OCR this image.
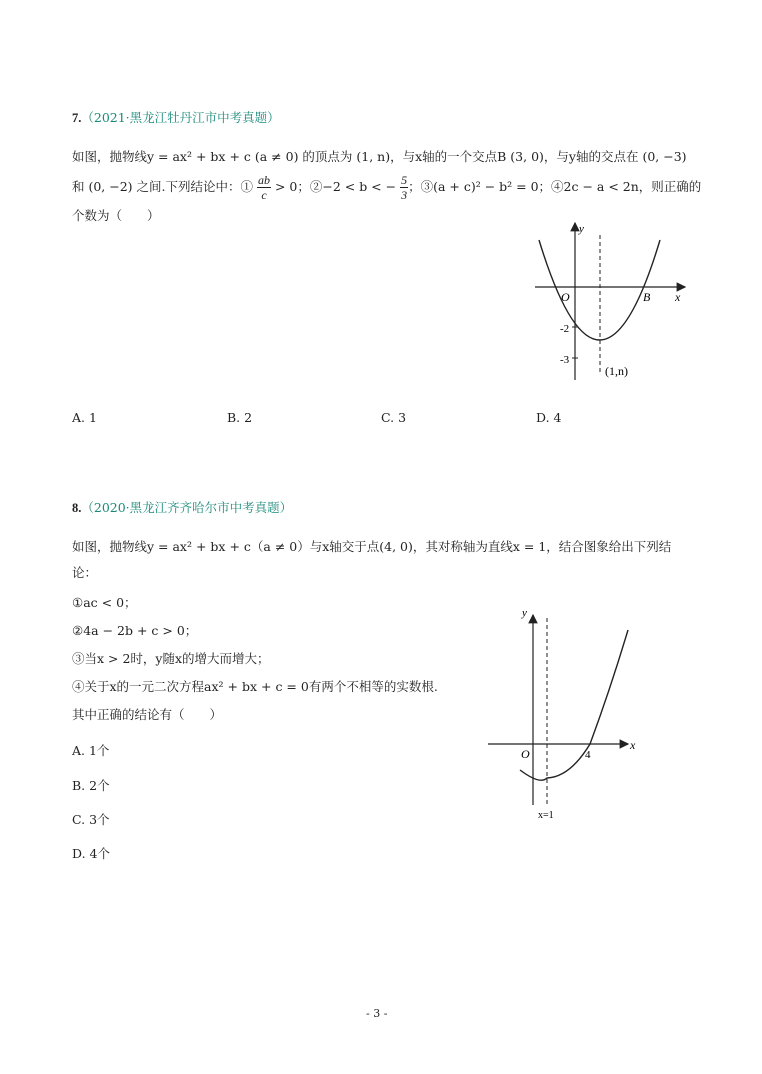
7.（2021·黑龙江牡丹江市中考真题）
如图，抛物线y = ax² + bx + c (a ≠ 0) 的顶点为 (1, n)，与x轴的一个交点B (3, 0)，与y轴的交点在 (0, −3)
和 (0, −2) 之间.下列结论中：① $\frac{ab}{c} > 0$；②−2 < b < − $\frac{5}{3}$ ；③(a + c)² − b² = 0；④2c − a < 2n，则正确的
个数为（　　）
y
x
O	B
-2
-3
(1,n)
A. 1	B. 2	C. 3	D. 4
8.（2020·黑龙江齐齐哈尔市中考真题）
如图，抛物线y = ax² + bx + c（a ≠ 0）与x轴交于点(4, 0)，其对称轴为直线x = 1，结合图象给出下列结
论：
①ac < 0；
②4a − 2b + c > 0；
③当x > 2时，y随x的增大而增大；
④关于x的一元二次方程ax² + bx + c = 0有两个不相等的实数根.
其中正确的结论有（　　）
y
x
O	4
x=1
A. 1个
B. 2个
C. 3个
D. 4个
- 3 -
